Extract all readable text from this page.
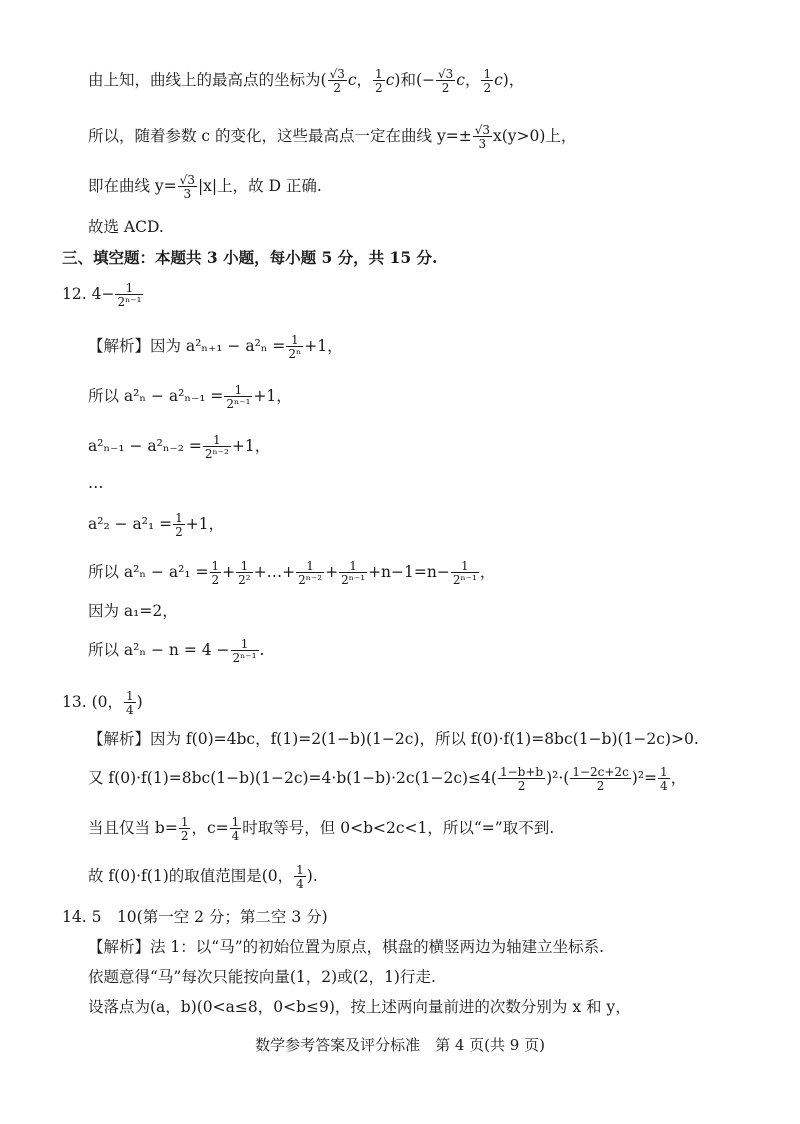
由上知，曲线上的最高点的坐标为( $\frac{√3}{2}$ c， $\frac{1}{2} c$)和(− $\frac{√3}{2}$ c， $\frac{1}{2} c$)，
所以，随着参数 c 的变化，这些最高点一定在曲线 $y=\pm \frac{√3}{3} x(y>0)$上，
即在曲线 $y= \frac{√3}{3} |x|$上，故 D 正确.
故选 ACD.
三、填空题：本题共 3 小题，每小题 5 分，共 15 分.
12. $4- \frac{1}{\text{2ⁿ⁻¹}}$
【解析】因为 $a^2_{n+1} - a^2_n = \frac{1}{\text{2ⁿ}} +1$，
所以 $a^2_n - a^2_{n-1} = \frac{1}{\text{2ⁿ⁻¹}} +1$，
$a^2_{n-1} - a^2_{n-2} = \frac{1}{\text{2ⁿ⁻²}} +1$，
…
$a^2_2 - a^2_1 = \frac{1}{2} +1$，
所以 $a^2_n - a^2_1 = \frac{1}{2} + \frac{1}{\text{2²}}$ +…+ $\frac{1}{\text{2ⁿ⁻²}} + \frac{1}{\text{2ⁿ⁻¹}} +n-1=n- \frac{1}{\text{2ⁿ⁻¹}}$ ，
因为 a₁=2，
所以 $a^2_n - n = 4 - \frac{1}{\text{2ⁿ⁻¹}}$ .
13. (0， $\frac{1}{4}$ )
【解析】因为 f(0)=4bc，f(1)=2(1−b)(1−2c)，所以 f(0)·f(1)=8bc(1−b)(1−2c)>0.
又 $f(0)\cdot f(1)=8bc(1-b)(1-2c)=4\cdot b(1-b)\cdot 2c(1-2c)\le 4( \frac{1-b+b}{2} )^2\cdot( \frac{1-2c+2c}{2} )^2= \frac{1}{4}$ ，
当且仅当 $b= \frac{1}{2}$ ，$c= \frac{1}{4}$ 时取等号，但 0<b<2c<1，所以“=”取不到.
故 f(0)·f(1)的取值范围是(0， $\frac{1}{4}$ ).
14. 5　10(第一空 2 分；第二空 3 分)
【解析】法 1：以“马”的初始位置为原点，棋盘的横竖两边为轴建立坐标系.
依题意得“马”每次只能按向量(1，2)或(2，1)行走.
设落点为(a，b)(0<a≤8，0<b≤9)，按上述两向量前进的次数分别为 x 和 y，
数学参考答案及评分标准　第 4 页(共 9 页)
